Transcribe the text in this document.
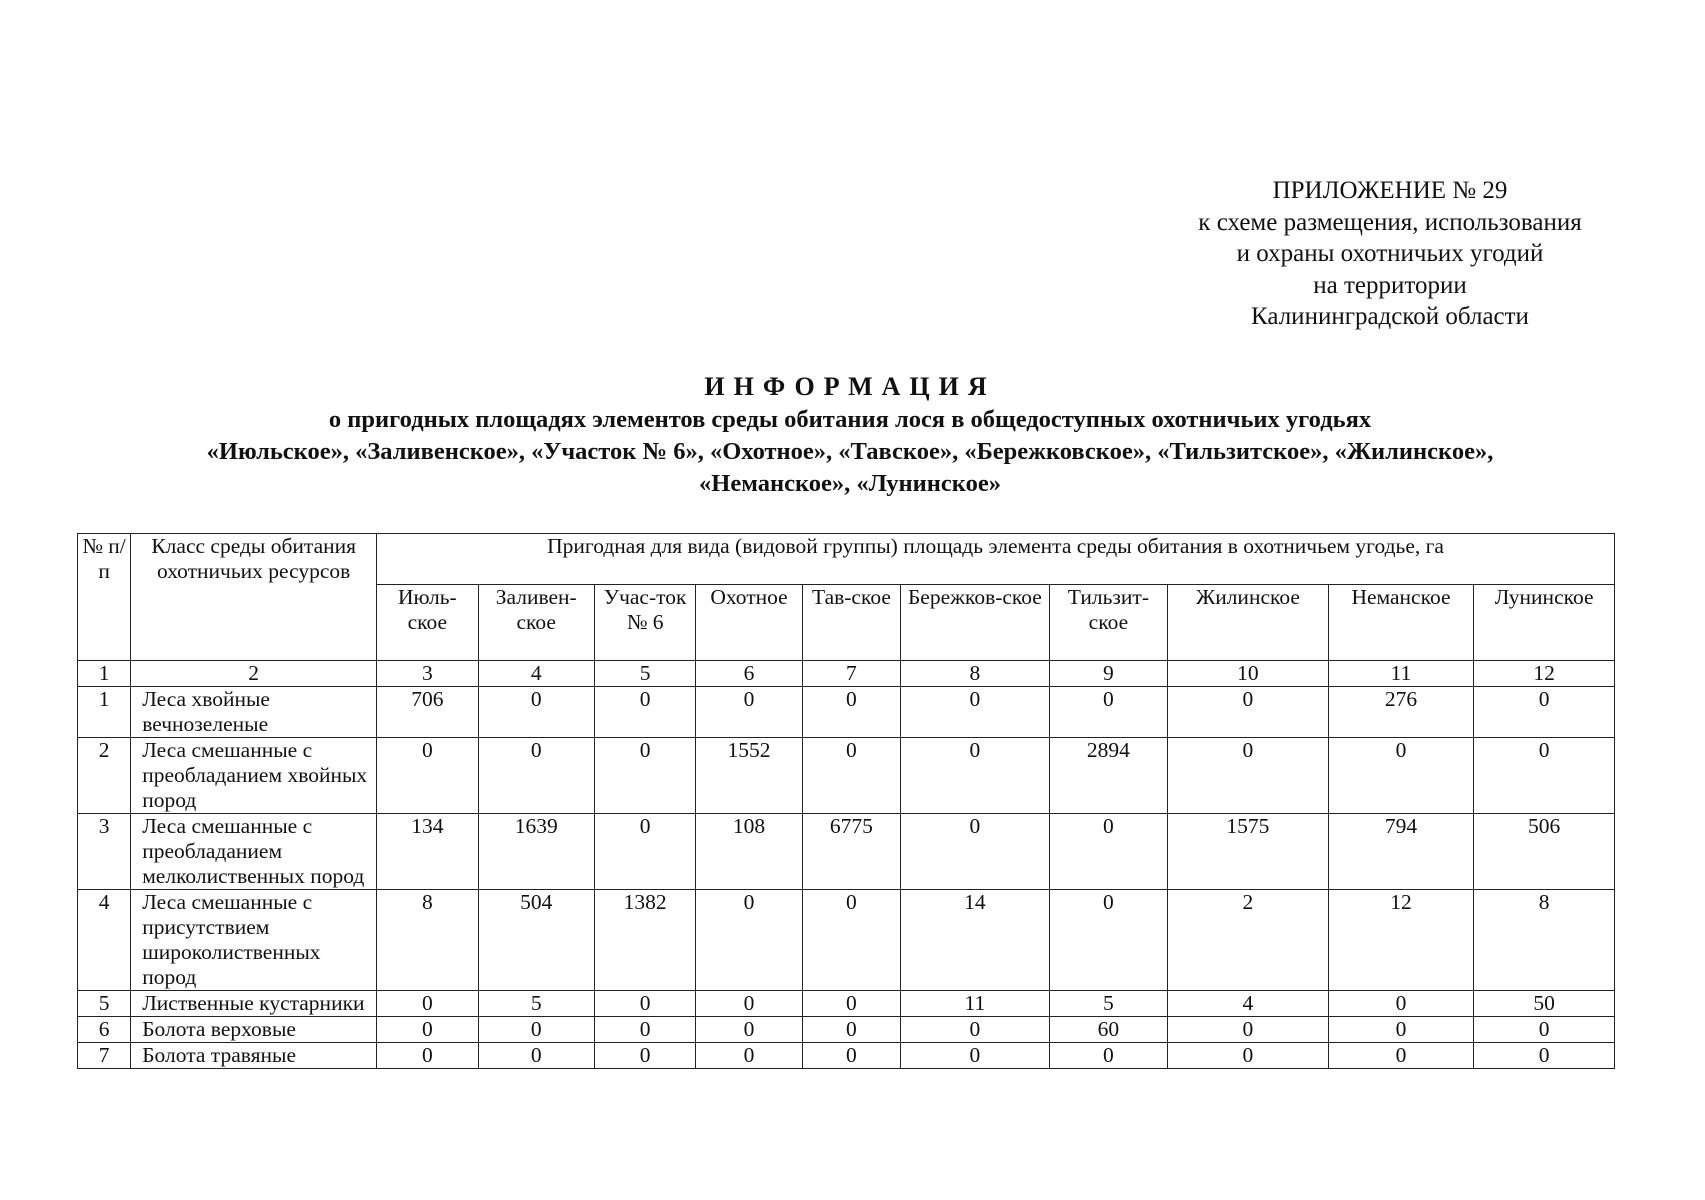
ПРИЛОЖЕНИЕ № 29
к схеме размещения, использования
и охраны охотничьих угодий
на территории
Калининградской области
ИНФОРМАЦИЯ
о пригодных площадях элементов среды обитания лося в общедоступных охотничьих угодьях
«Июльское», «Заливенское», «Участок № 6», «Охотное», «Тавское», «Бережковское», «Тильзитское», «Жилинское»,
«Неманское», «Лунинское»
№ п/п	Класс среды обитания охотничьих ресурсов	Пригодная для вида (видовой группы) площадь элемента среды обитания в охотничьем угодье, га									
		Июль-ское	Заливен-ское	Учас-ток № 6	Охотное	Тав-ское	Бережков-ское	Тильзит-ское	Жилинское	Неманское	Лунинское
1	2	3	4	5	6	7	8	9	10	11	12
1	Леса хвойные вечнозеленые	706	0	0	0	0	0	0	0	276	0
2	Леса смешанные с преобладанием хвойных пород	0	0	0	1552	0	0	2894	0	0	0
3	Леса смешанные с преобладанием мелколиственных пород	134	1639	0	108	6775	0	0	1575	794	506
4	Леса смешанные с присутствием широколиственных пород	8	504	1382	0	0	14	0	2	12	8
5	Лиственные кустарники	0	5	0	0	0	11	5	4	0	50
6	Болота верховые	0	0	0	0	0	0	60	0	0	0
7	Болота травяные	0	0	0	0	0	0	0	0	0	0
